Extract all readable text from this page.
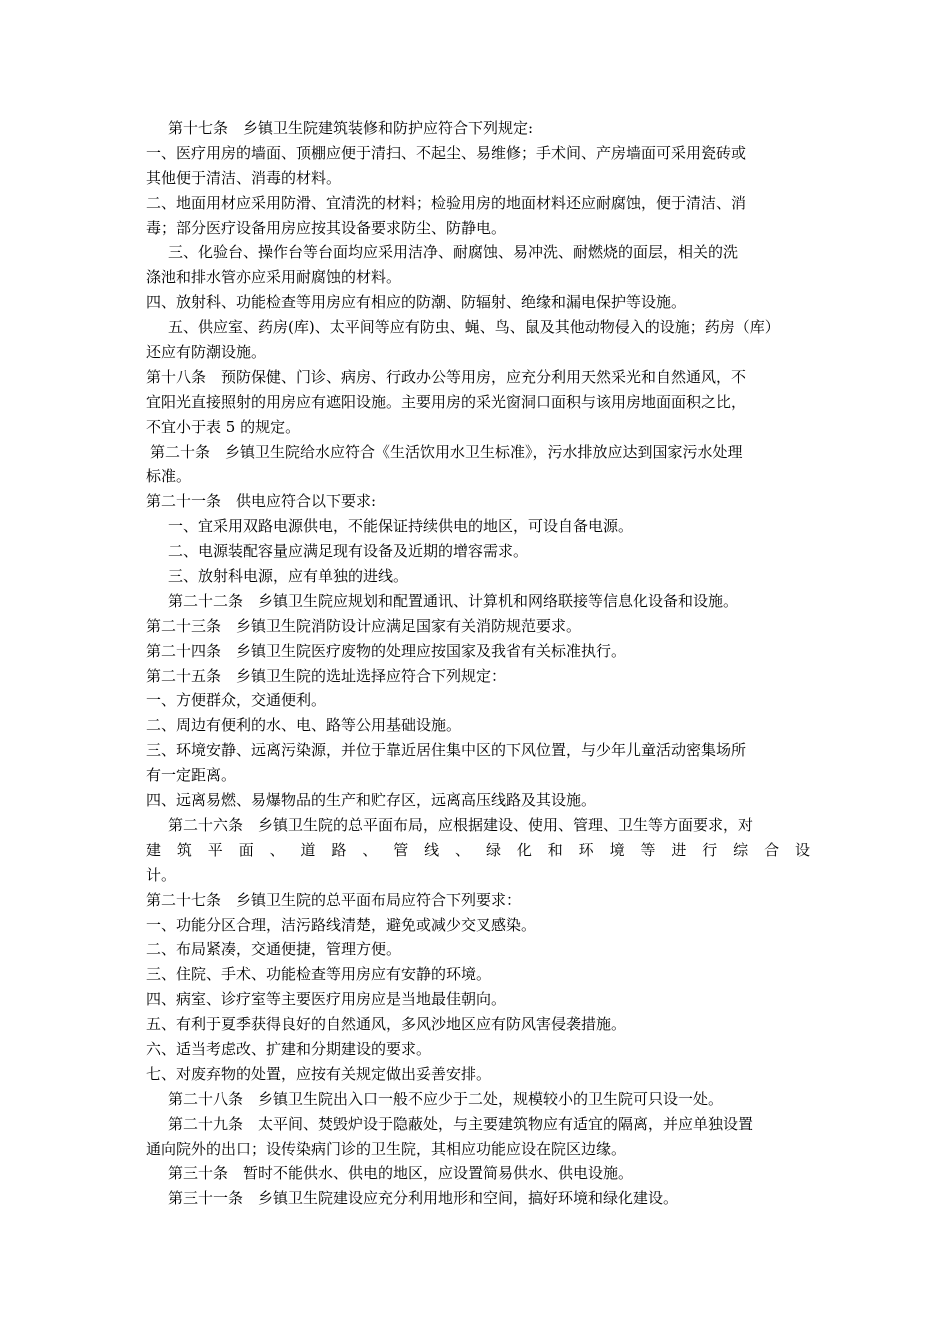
第十七条　乡镇卫生院建筑装修和防护应符合下列规定:
一、医疗用房的墙面、顶棚应便于清扫、不起尘、易维修；手术间、产房墙面可采用瓷砖或
其他便于清洁、消毒的材料。
二、地面用材应采用防滑、宜清洗的材料；检验用房的地面材料还应耐腐蚀，便于清洁、消
毒；部分医疗设备用房应按其设备要求防尘、防静电。
三、化验台、操作台等台面均应采用洁净、耐腐蚀、易冲洗、耐燃烧的面层，相关的洗
涤池和排水管亦应采用耐腐蚀的材料。
四、放射科、功能检查等用房应有相应的防潮、防辐射、绝缘和漏电保护等设施。
五、供应室、药房(库)、太平间等应有防虫、蝇、鸟、鼠及其他动物侵入的设施；药房（库）
还应有防潮设施。
第十八条　预防保健、门诊、病房、行政办公等用房，应充分利用天然采光和自然通风，不
宜阳光直接照射的用房应有遮阳设施。主要用房的采光窗洞口面积与该用房地面面积之比，
不宜小于表 5 的规定。
第二十条　乡镇卫生院给水应符合《生活饮用水卫生标准》，污水排放应达到国家污水处理
标准。
第二十一条　供电应符合以下要求:
一、宜采用双路电源供电，不能保证持续供电的地区，可设自备电源。
二、电源装配容量应满足现有设备及近期的增容需求。
三、放射科电源，应有单独的进线。
第二十二条　乡镇卫生院应规划和配置通讯、计算机和网络联接等信息化设备和设施。
第二十三条　乡镇卫生院消防设计应满足国家有关消防规范要求。
第二十四条　乡镇卫生院医疗废物的处理应按国家及我省有关标准执行。
第二十五条　乡镇卫生院的选址选择应符合下列规定：
一、方便群众，交通便利。
二、周边有便利的水、电、路等公用基础设施。
三、环境安静、远离污染源，并位于靠近居住集中区的下风位置，与少年儿童活动密集场所
有一定距离。
四、远离易燃、易爆物品的生产和贮存区，远离高压线路及其设施。
第二十六条　乡镇卫生院的总平面布局，应根据建设、使用、管理、卫生等方面要求，对
建 筑 平 面 、 道 路 、 管 线 、 绿 化 和 环 境 等 进 行 综 合 设
计。
第二十七条　乡镇卫生院的总平面布局应符合下列要求：
一、功能分区合理，洁污路线清楚，避免或减少交叉感染。
二、布局紧凑，交通便捷，管理方便。
三、住院、手术、功能检查等用房应有安静的环境。
四、病室、诊疗室等主要医疗用房应是当地最佳朝向。
五、有利于夏季获得良好的自然通风，多风沙地区应有防风害侵袭措施。
六、适当考虑改、扩建和分期建设的要求。
七、对废弃物的处置，应按有关规定做出妥善安排。
第二十八条　乡镇卫生院出入口一般不应少于二处，规模较小的卫生院可只设一处。
第二十九条　太平间、焚毁炉设于隐蔽处，与主要建筑物应有适宜的隔离，并应单独设置
通向院外的出口；设传染病门诊的卫生院，其相应功能应设在院区边缘。
第三十条　暂时不能供水、供电的地区，应设置简易供水、供电设施。
第三十一条　乡镇卫生院建设应充分利用地形和空间，搞好环境和绿化建设。
